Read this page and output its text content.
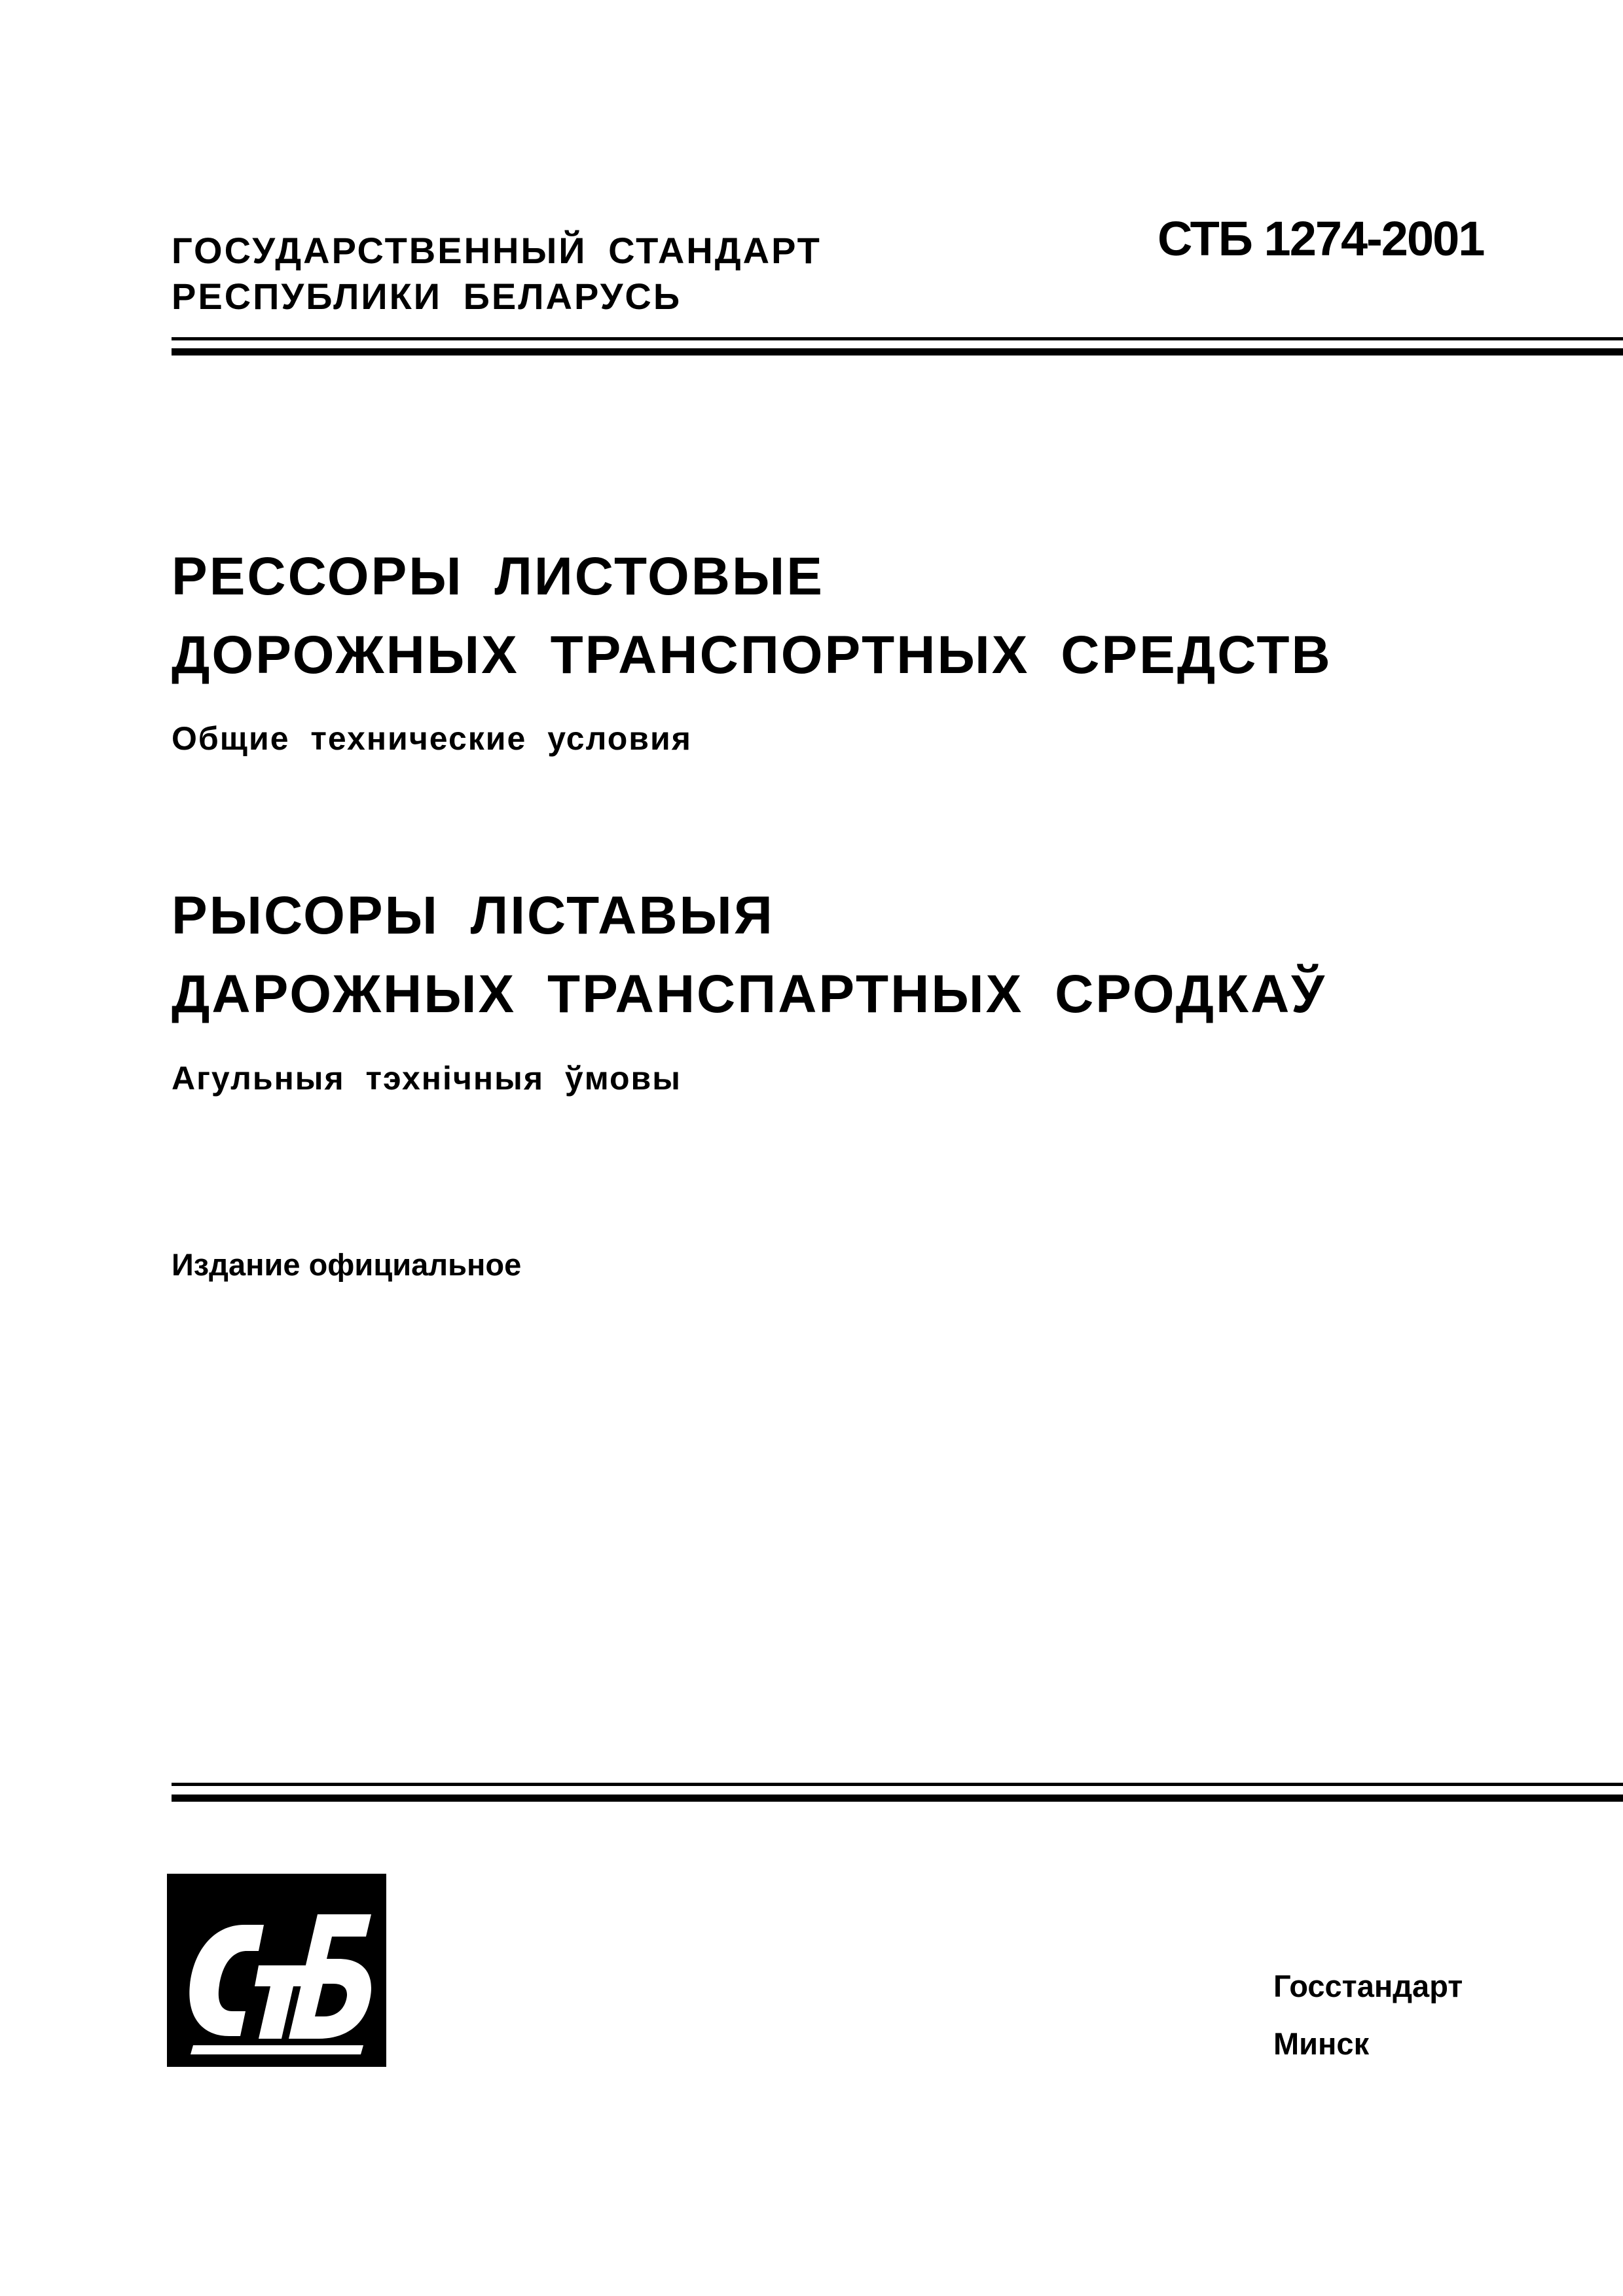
ГОСУДАРСТВЕННЫЙ СТАНДАРТ
РЕСПУБЛИКИ БЕЛАРУСЬ
СТБ 1274-2001
РЕССОРЫ ЛИСТОВЫЕ
ДОРОЖНЫХ ТРАНСПОРТНЫХ СРЕДСТВ
Общие технические условия
РЫСОРЫ ЛІСТАВЫЯ
ДАРОЖНЫХ ТРАНСПАРТНЫХ СРОДКАЎ
Агульныя тэхнічныя ўмовы
Издание официальное
Госстандарт
Минск
